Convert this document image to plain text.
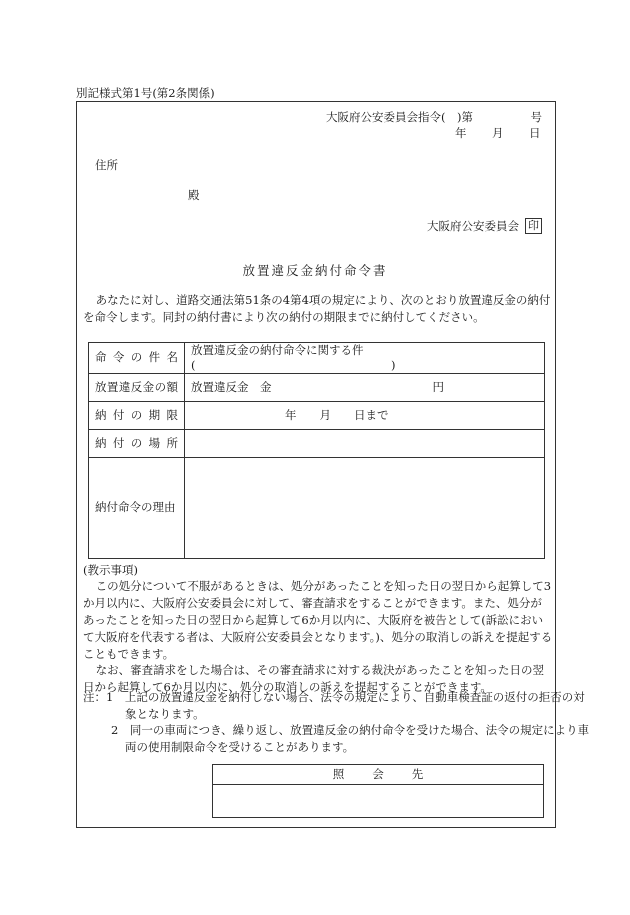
別記様式第1号(第2条関係)
大阪府公安委員会指令(　)第　　　　　号
年 月 日
住所
殿
大阪府公安委員会 印
放置違反金納付命令書
あなたに対し、道路交通法第51条の4第4項の規定により、次のとおり放置違反金の納付を命令します。同封の納付書により次の納付の期限までに納付してください。
命令の件名	放置違反金の納付命令に関する件(　　　　　　　　　　　　　　　　　)
放置違反金の額	放置違反金　金　　　　　　　　　　　　　　円
納付の期限	年　　月　　日まで
納付の場所	
納付命令の理由	
(教示事項)
この処分について不服があるときは、処分があったことを知った日の翌日から起算して3か月以内に、大阪府公安委員会に対して、審査請求をすることができます。また、処分があったことを知った日の翌日から起算して6か月以内に、大阪府を被告として(訴訟において大阪府を代表する者は、大阪府公安委員会となります。)、処分の取消しの訴えを提起することもできます。
なお、審査請求をした場合は、その審査請求に対する裁決があったことを知った日の翌日から起算して6か月以内に、処分の取消しの訴えを提起することができます。
注：1　上記の放置違反金を納付しない場合、法令の規定により、自動車検査証の返付の拒否の対象となります。
2　同一の車両につき、繰り返し、放置違反金の納付命令を受けた場合、法令の規定により車両の使用制限命令を受けることがあります。
照会先
